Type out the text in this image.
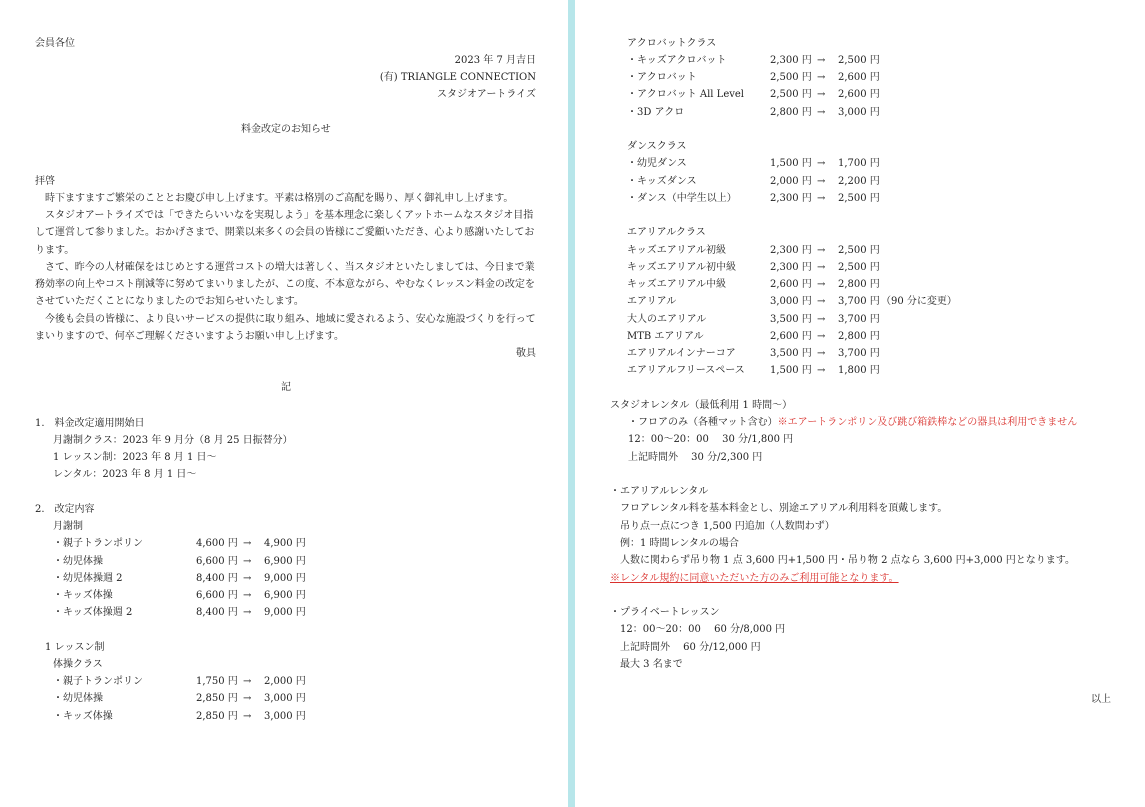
会員各位
2023 年 7 月吉日
(有) TRIANGLE CONNECTION
スタジオアートライズ
料金改定のお知らせ
拝啓
時下ますますご繁栄のこととお慶び申し上げます。平素は格別のご高配を賜り、厚く御礼申し上げます。
スタジオアートライズでは「できたらいいなを実現しよう」を基本理念に楽しくアットホームなスタジオ目指
して運営して参りました。おかげさまで、開業以来多くの会員の皆様にご愛顧いただき、心より感謝いたしてお
ります。
さて、昨今の人材確保をはじめとする運営コストの増大は著しく、当スタジオといたしましては、今日まで業
務効率の向上やコスト削減等に努めてまいりましたが、この度、不本意ながら、やむなくレッスン料金の改定を
させていただくことになりましたのでお知らせいたします。
今後も会員の皆様に、より良いサービスの提供に取り組み、地域に愛されるよう、安心な施設づくりを行って
まいりますので、何卒ご理解くださいますようお願い申し上げます。
敬具
記
1.　料金改定適用開始日
月謝制クラス：2023 年 9 月分（8 月 25 日振替分）
1 レッスン制：2023 年 8 月 1 日〜
レンタル：2023 年 8 月 1 日〜
2.　改定内容
月謝制
・親子トランポリン	4,600 円 → 4,900 円
・幼児体操	6,600 円 → 6,900 円
・幼児体操週 2	8,400 円 → 9,000 円
・キッズ体操	6,600 円 → 6,900 円
・キッズ体操週 2	8,400 円 → 9,000 円
1 レッスン制
体操クラス
・親子トランポリン	1,750 円 → 2,000 円
・幼児体操	2,850 円 → 3,000 円
・キッズ体操	2,850 円 → 3,000 円
アクロバットクラス
・キッズアクロバット	2,300 円 → 2,500 円
・アクロバット	2,500 円 → 2,600 円
・アクロバット All Level	2,500 円 → 2,600 円
・3D アクロ	2,800 円 → 3,000 円
ダンスクラス
・幼児ダンス	1,500 円 → 1,700 円
・キッズダンス	2,000 円 → 2,200 円
・ダンス（中学生以上）	2,300 円 → 2,500 円
エアリアルクラス
キッズエアリアル初級	2,300 円 → 2,500 円
キッズエアリアル初中級	2,300 円 → 2,500 円
キッズエアリアル中級	2,600 円 → 2,800 円
エアリアル	3,000 円 → 3,700 円 （90 分に変更）
大人のエアリアル	3,500 円 → 3,700 円
MTB エアリアル	2,600 円 → 2,800 円
エアリアルインナーコア	3,500 円 → 3,700 円
エアリアルフリースペース	1,500 円 → 1,800 円
スタジオレンタル（最低利用 1 時間〜）
・フロアのみ（各種マット含む）※エアートランポリン及び跳び箱鉄棒などの器具は利用できません
12：00〜20：00　 30 分/1,800 円
上記時間外　 30 分/2,300 円
・エアリアルレンタル
フロアレンタル料を基本料金とし、別途エアリアル利用料を頂戴します。
吊り点一点につき 1,500 円追加（人数問わず）
例：1 時間レンタルの場合
人数に関わらず吊り物 1 点 3,600 円+1,500 円・吊り物 2 点なら 3,600 円+3,000 円となります。
※レンタル規約に同意いただいた方のみご利用可能となります。
・プライベートレッスン
12：00〜20：00　 60 分/8,000 円
上記時間外　 60 分/12,000 円
最大 3 名まで
以上
